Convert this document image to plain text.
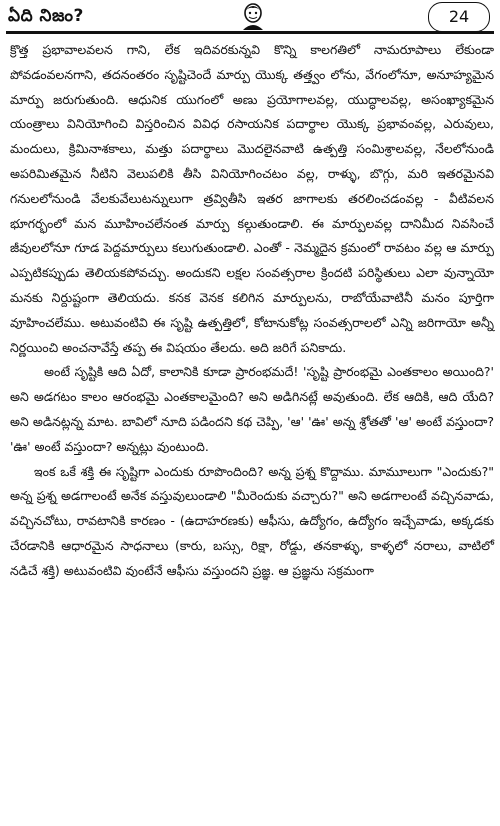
ఏది నిజం?	24

క్రొత్త ప్రభావాలవలన గాని, లేక ఇదివరకున్నవి కొన్ని కాలగతిలో నామరూపాలు లేకుండా పోవడంవలనగాని, తదనంతరం సృష్టిచెందే మార్పు యొక్క తత్త్వం లోను, వేగంలోనూ, అనూహ్యమైన మార్పు జరుగుతుంది. ఆధునిక యుగంలో అణు ప్రయోగాలవల్ల, యుద్ధాలవల్ల, అసంఖ్యాకమైన యంత్రాలు వినియోగించి విస్తరించిన వివిధ రసాయనిక పదార్థాల యొక్క ప్రభావంవల్ల, ఎరువులు, మందులు, క్రిమినాశకాలు, మత్తు పదార్థాలు మొదలైనవాటి ఉత్పత్తి సంమిశ్రాలవల్ల, నేలలోనుండి అపరిమితమైన నీటిని వెలుపలికి తీసి వినియోగించటం వల్ల, రాళ్ళు, బొగ్గు, మరి ఇతరమైనవి గనులలోనుండి వేలకువేలుటన్నులుగా త్రవ్వితీసి ఇతర జాగాలకు తరలించడంవల్ల - వీటివలన భూగర్భంలో మన మూహించలేనంత మార్పు కల్గుతుండాలి. ఈ మార్పులవల్ల దానిమీద నివసించే జీవులలోనూ గూడ పెద్దమార్పులు కలుగుతుండాలి. ఎంతో - నెమ్మదైన క్రమంలో రావటం వల్ల ఆ మార్పు ఎప్పటికప్పుడు తెలియకపోవచ్చు. అందుకని లక్షల సంవత్సరాల క్రిందటి పరిస్థితులు ఎలా వున్నాయో మనకు నిర్దుష్టంగా తెలియదు. కనక వెనక కలిగిన మార్పులను, రాబోయేవాటినీ మనం పూర్తిగా వూహించలేము. అటువంటివి ఈ సృష్టి ఉత్పత్తిలో, కోటానుకోట్ల సంవత్సరాలలో ఎన్ని జరిగాయో అన్నీ నిర్ణయించి అంచనావేస్తే తప్ప ఈ విషయం తేలదు. అది జరిగే పనికాదు.

అంటే సృష్టికి ఆది ఏదో, కాలానికి కూడా ప్రారంభమదే! 'సృష్టి ప్రారంభమై ఎంతకాలం అయింది?' అని అడగటం కాలం ఆరంభమై ఎంతకాలమైంది? అని అడిగినట్లే అవుతుంది. లేక ఆదికి, ఆది యేది? అని అడినట్లన్న మాట. బావిలో నూది పడిందని కథ చెప్పి, 'ఆ' 'ఊ' అన్న శ్రోతతో 'ఆ' అంటే వస్తుందా? 'ఊ' అంటే వస్తుందా? అన్నట్లు వుంటుంది.

ఇంక ఒకే శక్తి ఈ సృష్టిగా ఎందుకు రూపొందింది? అన్న ప్రశ్న కొద్దాము. మామూలుగా "ఎందుకు?" అన్న ప్రశ్న అడగాలంటే అనేక వస్తువులుండాలి "మీరెందుకు వచ్చారు?" అని అడగాలంటే వచ్చినవాడు, వచ్చినచోటు, రావటానికి కారణం - (ఉదాహరణకు) ఆఫీసు, ఉద్యోగం, ఉద్యోగం ఇచ్చేవాడు, అక్కడకు చేరడానికి ఆధారమైన సాధనాలు (కారు, బస్సు, రిక్షా, రోడ్డు, తనకాళ్ళు, కాళ్ళలో నరాలు, వాటిలో నడిచే శక్తి) అటువంటివి వుంటేనే ఆఫీసు వస్తుందని ప్రజ్ఞ. ఆ ప్రజ్ఞను సక్రమంగా
